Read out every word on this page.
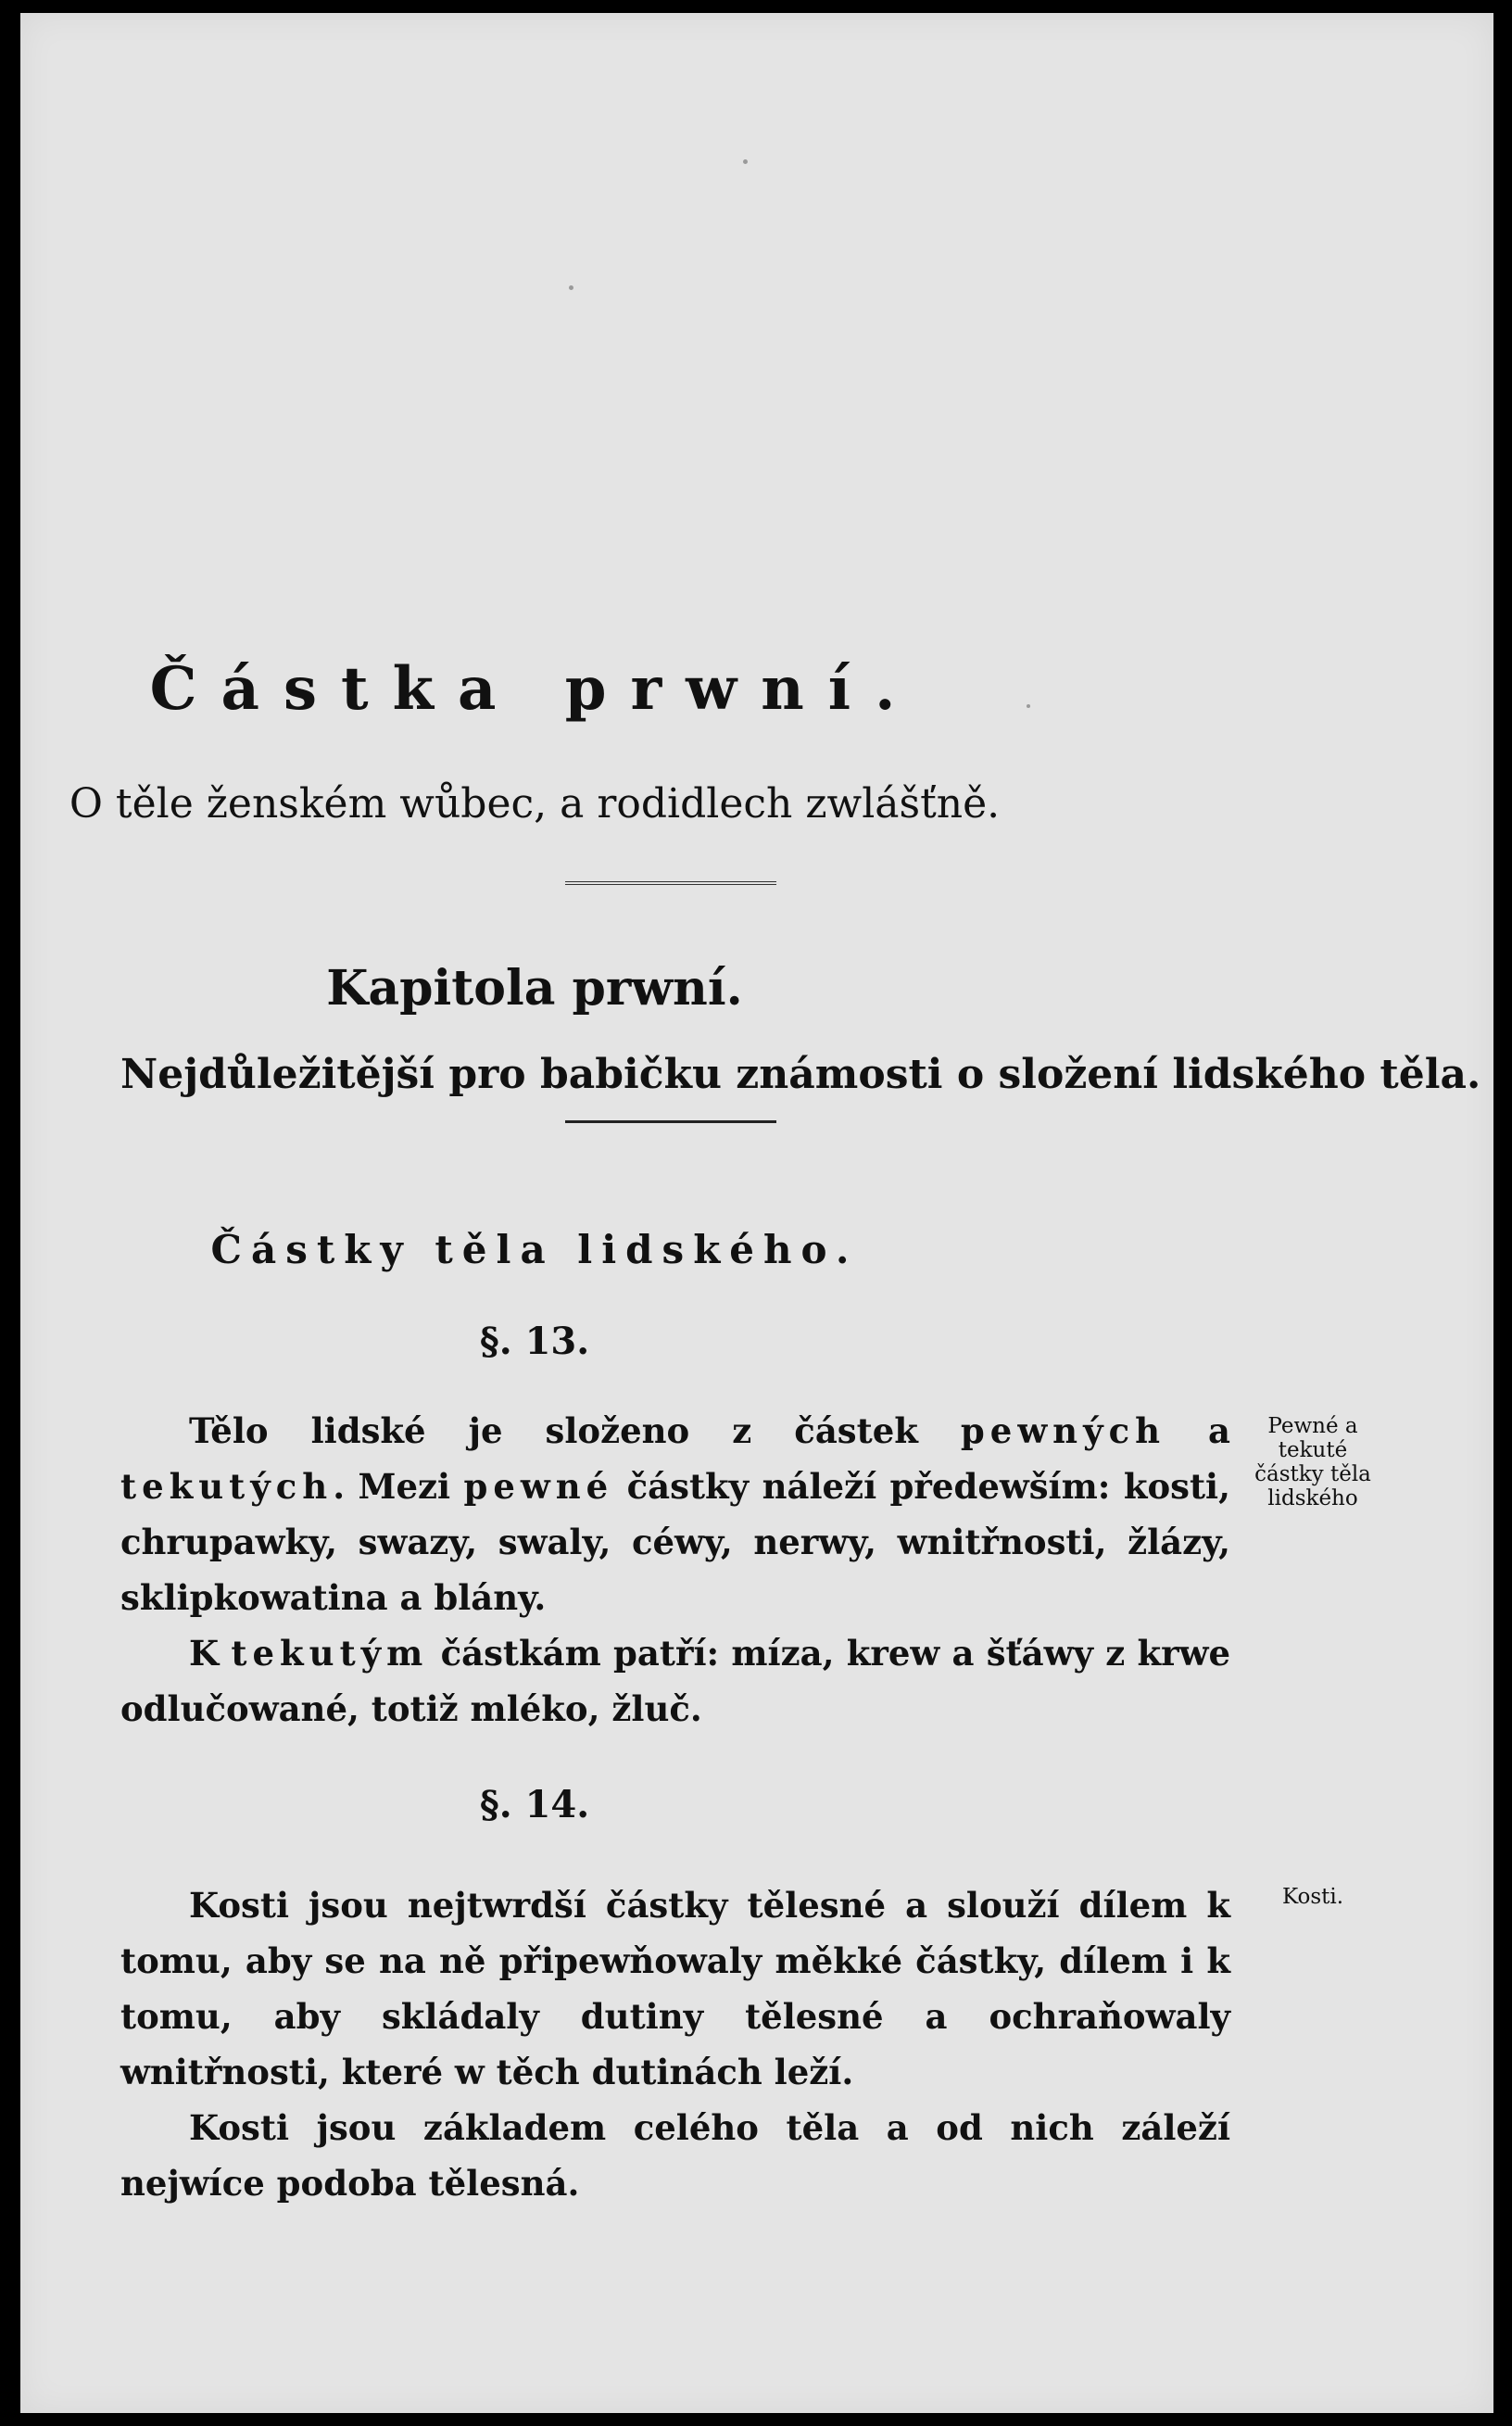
Částka prwní.
O těle ženském wůbec, a rodidlech zwlášťně.
Kapitola prwní.
Nejdůležitější pro babičku známosti o složení lidského těla.
Částky těla lidského.
§. 13.

Tělo lidské je složeno z částek pewných a tekutých. Mezi pewné částky náleží předewším: kosti, chrupawky, swazy, swaly, céwy, nerwy, wnitřnosti, žlázy, sklipkowatina a blány.

K tekutým částkám patří: míza, krew a šťáwy z krwe odlučowané, totiž mléko, žluč.

Pewné a tekuté částky těla lidského
§. 14.

Kosti jsou nejtwrdší částky tělesné a slouží dílem k tomu, aby se na ně připewňowaly měkké částky, dílem i k tomu, aby skládaly dutiny tělesné a ochraňowaly wnitřnosti, které w těch dutinách leží.

Kosti jsou základem celého těla a od nich záleží nejwíce podoba tělesná.

Kosti.
